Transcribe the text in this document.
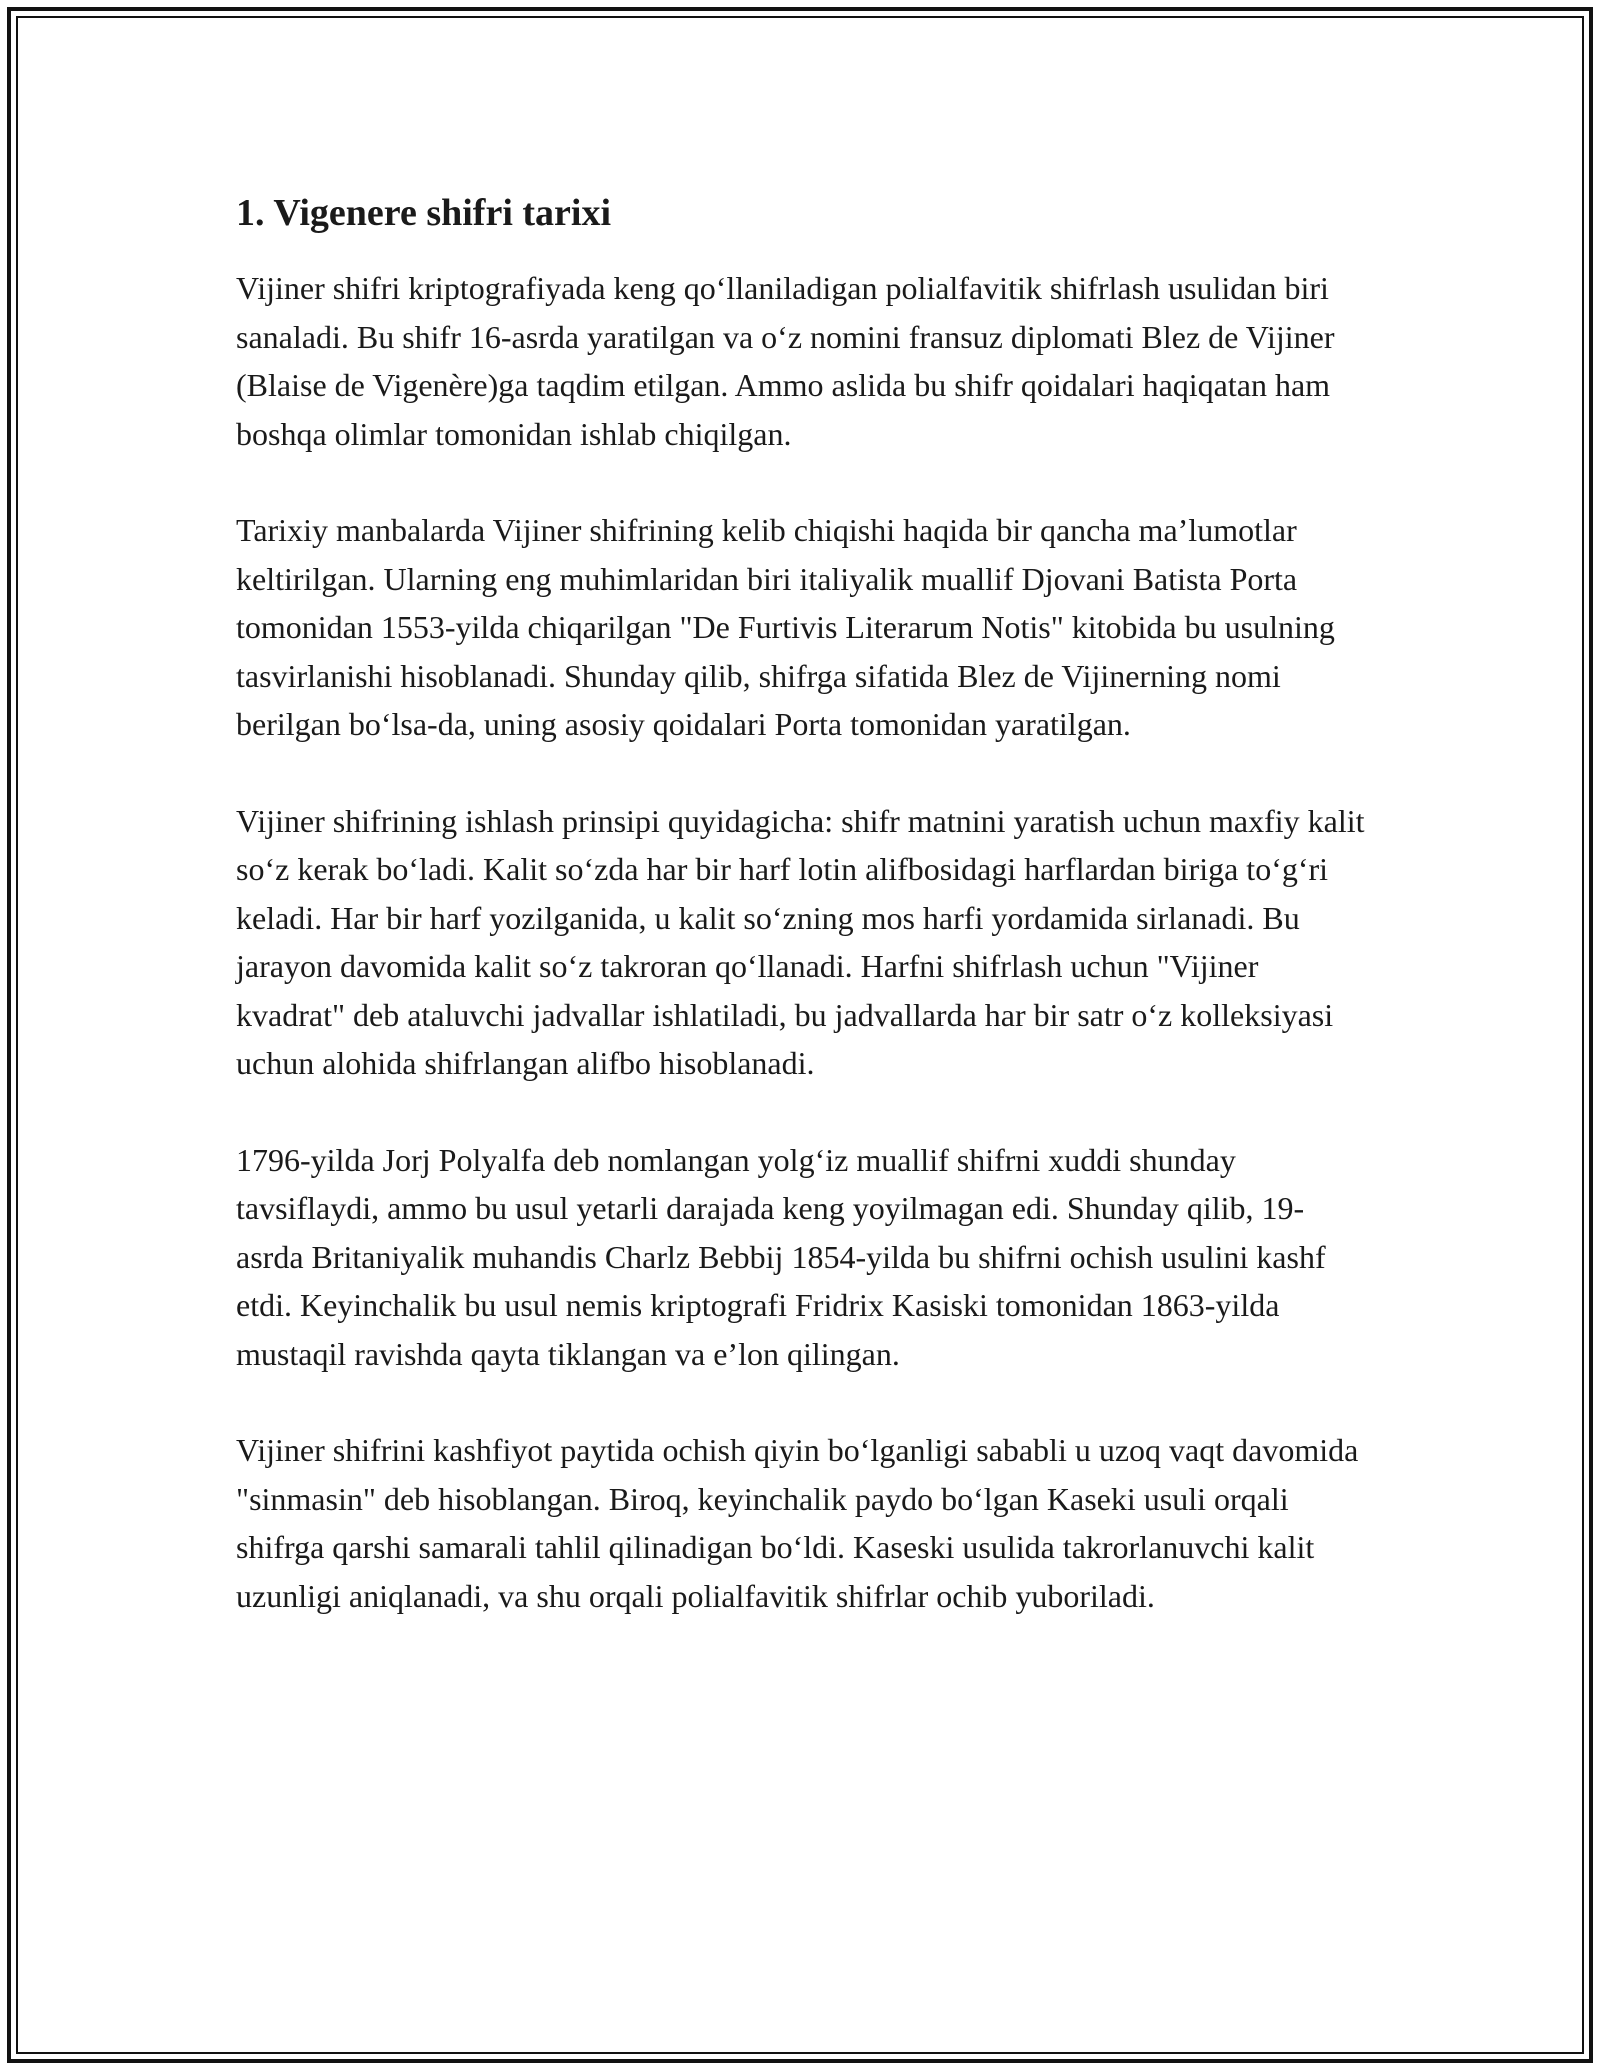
1. Vigenere shifri tarixi

Vijiner shifri kriptografiyada keng qo‘llaniladigan polialfavitik shifrlash usulidan biri sanaladi. Bu shifr 16-asrda yaratilgan va o‘z nomini fransuz diplomati Blez de Vijiner (Blaise de Vigenère)ga taqdim etilgan. Ammo aslida bu shifr qoidalari haqiqatan ham boshqa olimlar tomonidan ishlab chiqilgan.

Tarixiy manbalarda Vijiner shifrining kelib chiqishi haqida bir qancha ma’lumotlar keltirilgan. Ularning eng muhimlaridan biri italiyalik muallif Djovani Batista Porta tomonidan 1553-yilda chiqarilgan "De Furtivis Literarum Notis" kitobida bu usulning tasvirlanishi hisoblanadi. Shunday qilib, shifrga sifatida Blez de Vijinerning nomi berilgan bo‘lsa-da, uning asosiy qoidalari Porta tomonidan yaratilgan.

Vijiner shifrining ishlash prinsipi quyidagicha: shifr matnini yaratish uchun maxfiy kalit so‘z kerak bo‘ladi. Kalit so‘zda har bir harf lotin alifbosidagi harflardan biriga to‘g‘ri keladi. Har bir harf yozilganida, u kalit so‘zning mos harfi yordamida sirlanadi. Bu jarayon davomida kalit so‘z takroran qo‘llanadi. Harfni shifrlash uchun "Vijiner kvadrat" deb ataluvchi jadvallar ishlatiladi, bu jadvallarda har bir satr o‘z kolleksiyasi uchun alohida shifrlangan alifbo hisoblanadi.

1796-yilda Jorj Polyalfa deb nomlangan yolg‘iz muallif shifrni xuddi shunday tavsiflaydi, ammo bu usul yetarli darajada keng yoyilmagan edi. Shunday qilib, 19-asrda Britaniyalik muhandis Charlz Bebbij 1854-yilda bu shifrni ochish usulini kashf etdi. Keyinchalik bu usul nemis kriptografi Fridrix Kasiski tomonidan 1863-yilda mustaqil ravishda qayta tiklangan va e’lon qilingan.

Vijiner shifrini kashfiyot paytida ochish qiyin bo‘lganligi sababli u uzoq vaqt davomida "sinmasin" deb hisoblangan. Biroq, keyinchalik paydo bo‘lgan Kaseki usuli orqali shifrga qarshi samarali tahlil qilinadigan bo‘ldi. Kaseski usulida takrorlanuvchi kalit uzunligi aniqlanadi, va shu orqali polialfavitik shifrlar ochib yuboriladi.
